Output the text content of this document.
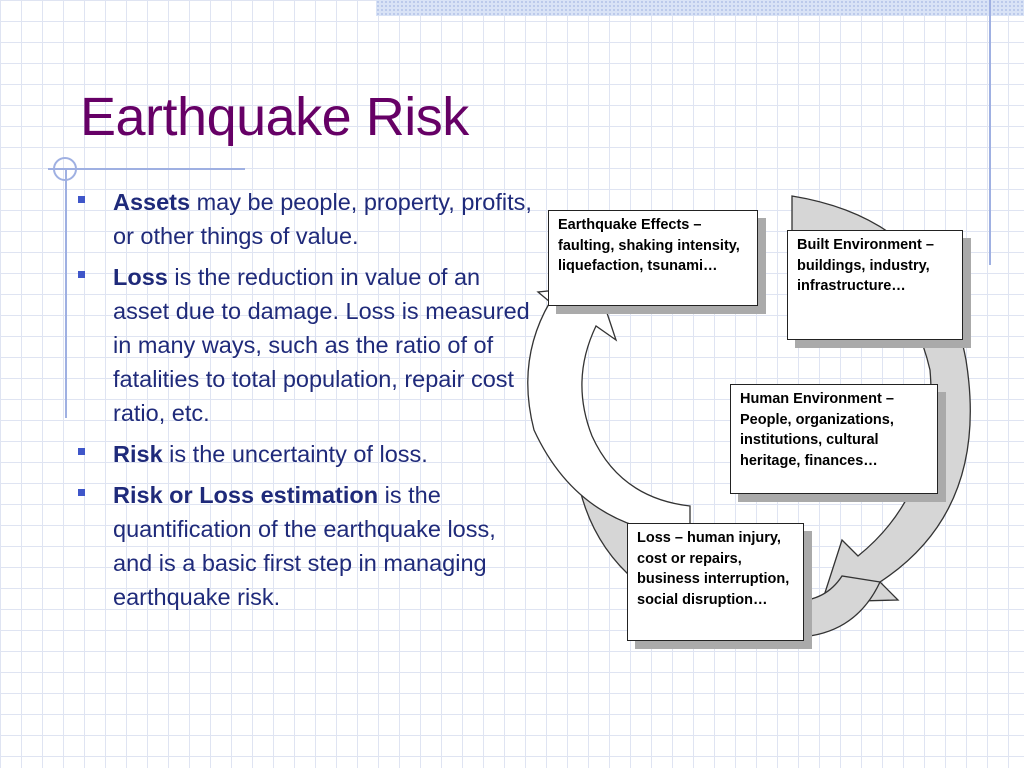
Earthquake Risk
Assets may be people, property, profits, or other things of value.
Loss is the reduction in value of an asset due to damage. Loss is measured in many ways, such as the ratio of of fatalities to total population, repair cost ratio, etc.
Risk is the uncertainty of loss.
Risk or Loss estimation is the quantification of the earthquake loss, and is a basic first step in managing earthquake risk.
Earthquake Effects – faulting, shaking intensity, liquefaction, tsunami…
Built Environment – buildings, industry, infrastructure…
Human Environment – People, organizations, institutions, cultural heritage, finances…
Loss – human injury, cost or repairs, business interruption, social disruption…
